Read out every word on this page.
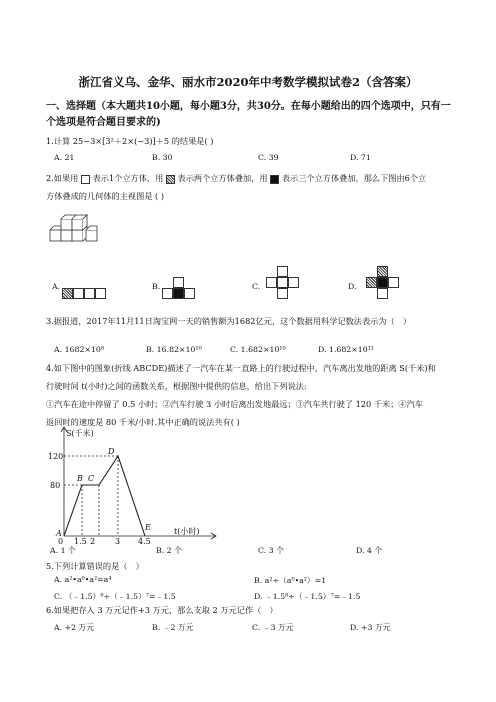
浙江省义乌、金华、丽水市2020年中考数学模拟试卷2（含答案）
一、选择题（本大题共10小题，每小题3分，共30分。在每小题给出的四个选项中，只有一个选项是符合题目要求的)
1.计算 25−3×[3²＋2×(−3)]＋5 的结果是( )
A. 21	B. 30	C. 39	D. 71
2.如果用 表示1个立方体，用 表示两个立方体叠加，用 表示三个立方体叠加，那么下图由6个立
方体叠成的几何体的主视图是 ( )
A.	B.	C.	D.
3.据报道，2017年11月11日淘宝网一天的销售额为1682亿元，这个数据用科学记数法表示为（　）
A. 1682×10⁸	B. 16.82×10¹⁰	C. 1.682×10¹⁰	D. 1.682×10¹¹
4.如下图中的图象(折线 ABCDE)描述了一汽车在某一直路上的行驶过程中，汽车离出发地的距离 S(千米)和
行驶时间 t(小时)之间的函数关系，根据图中提供的信息，给出下列说法:
①汽车在途中停留了 0.5 小时；②汽车行驶 3 小时后离出发地最远；③汽车共行驶了 120 千米；④汽车
返回时的速度是 80 千米/小时.其中正确的说法共有( )
S(千米)
120
80
A
0 1.5 2 3 4.5
t(小时)
B C
D
E
A. 1 个	B. 2 个	C. 3 个	D. 4 个
5.下列计算错误的是（　）
A. a²•a⁰•a²=a⁴	B. a²÷（a⁰•a²）=1
C. （﹣1.5）⁸÷（﹣1.5）⁷=﹣1.5	D. ﹣1.5⁸÷（﹣1.5）⁷=﹣1.5
6.如果把存入 3 万元记作+3 万元，那么支取 2 万元记作（　）
A. +2 万元	B. ﹣2 万元	C. ﹣3 万元	D. +3 万元
